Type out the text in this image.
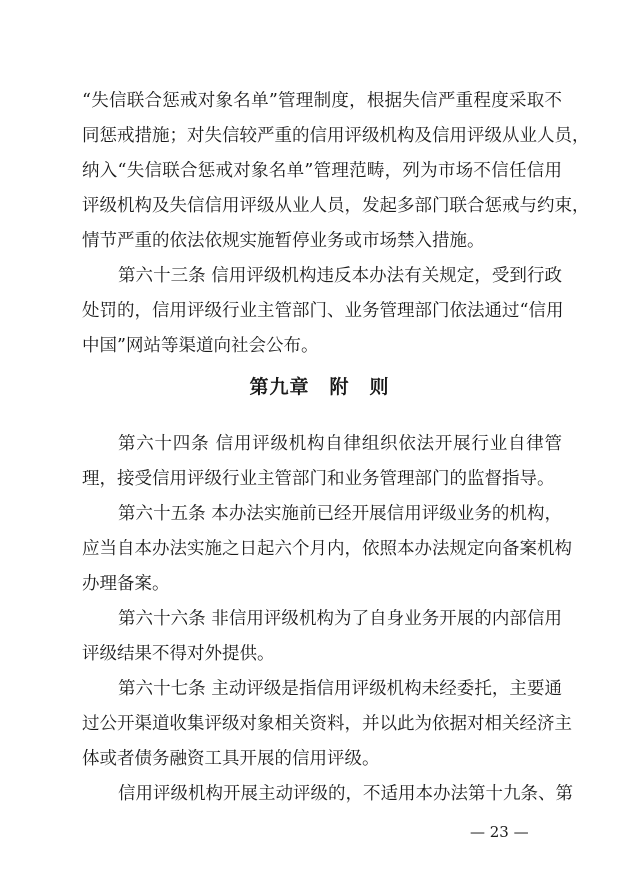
“失信联合惩戒对象名单”管理制度，根据失信严重程度采取不
同惩戒措施；对失信较严重的信用评级机构及信用评级从业人员，
纳入“失信联合惩戒对象名单”管理范畴，列为市场不信任信用
评级机构及失信信用评级从业人员，发起多部门联合惩戒与约束，
情节严重的依法依规实施暂停业务或市场禁入措施。
第六十三条 信用评级机构违反本办法有关规定，受到行政
处罚的，信用评级行业主管部门、业务管理部门依法通过“信用
中国”网站等渠道向社会公布。
第九章　附　则
第六十四条 信用评级机构自律组织依法开展行业自律管
理，接受信用评级行业主管部门和业务管理部门的监督指导。
第六十五条 本办法实施前已经开展信用评级业务的机构，
应当自本办法实施之日起六个月内，依照本办法规定向备案机构
办理备案。
第六十六条 非信用评级机构为了自身业务开展的内部信用
评级结果不得对外提供。
第六十七条 主动评级是指信用评级机构未经委托，主要通
过公开渠道收集评级对象相关资料，并以此为依据对相关经济主
体或者债务融资工具开展的信用评级。
信用评级机构开展主动评级的，不适用本办法第十九条、第
— 23 —
